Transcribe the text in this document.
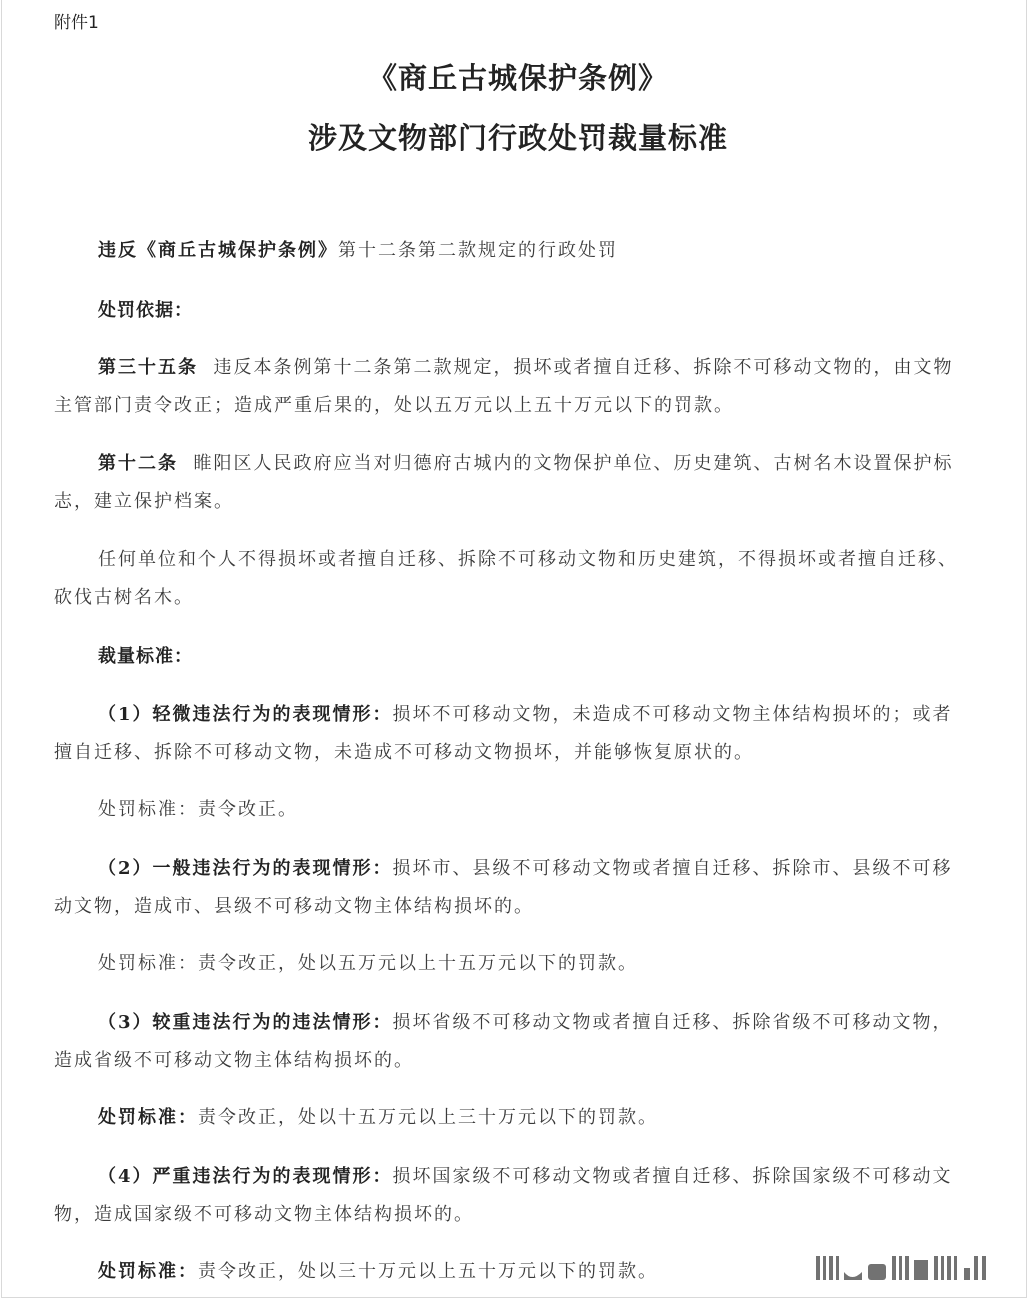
附件1
《商丘古城保护条例》
涉及文物部门行政处罚裁量标准

违反《商丘古城保护条例》第十二条第二款规定的行政处罚

处罚依据：

第三十五条 违反本条例第十二条第二款规定，损坏或者擅自迁移、拆除不可移动文物的，由文物主管部门责令改正；造成严重后果的，处以五万元以上五十万元以下的罚款。

第十二条 睢阳区人民政府应当对归德府古城内的文物保护单位、历史建筑、古树名木设置保护标志，建立保护档案。

任何单位和个人不得损坏或者擅自迁移、拆除不可移动文物和历史建筑，不得损坏或者擅自迁移、砍伐古树名木。

裁量标准：

（1）轻微违法行为的表现情形：损坏不可移动文物，未造成不可移动文物主体结构损坏的；或者擅自迁移、拆除不可移动文物，未造成不可移动文物损坏，并能够恢复原状的。

处罚标准：责令改正。

（2）一般违法行为的表现情形：损坏市、县级不可移动文物或者擅自迁移、拆除市、县级不可移动文物，造成市、县级不可移动文物主体结构损坏的。

处罚标准：责令改正，处以五万元以上十五万元以下的罚款。

（3）较重违法行为的违法情形：损坏省级不可移动文物或者擅自迁移、拆除省级不可移动文物，造成省级不可移动文物主体结构损坏的。

处罚标准：责令改正，处以十五万元以上三十万元以下的罚款。

（4）严重违法行为的表现情形：损坏国家级不可移动文物或者擅自迁移、拆除国家级不可移动文物，造成国家级不可移动文物主体结构损坏的。

处罚标准：责令改正，处以三十万元以上五十万元以下的罚款。
